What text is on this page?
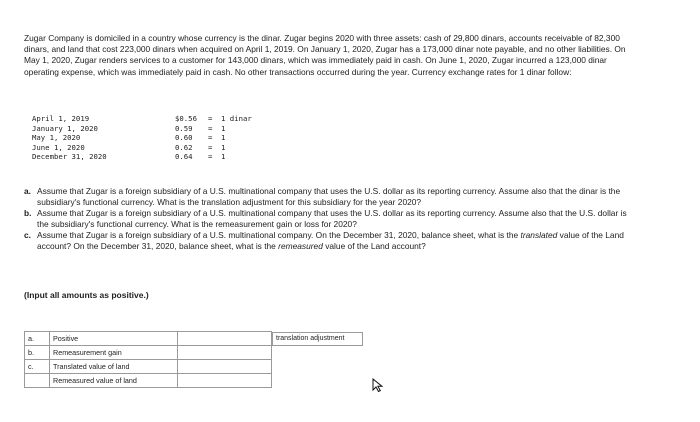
Zugar Company is domiciled in a country whose currency is the dinar. Zugar begins 2020 with three assets: cash of 29,800 dinars, accounts receivable of 82,300 dinars, and land that cost 223,000 dinars when acquired on April 1, 2019. On January 1, 2020, Zugar has a 173,000 dinar note payable, and no other liabilities. On May 1, 2020, Zugar renders services to a customer for 143,000 dinars, which was immediately paid in cash. On June 1, 2020, Zugar incurred a 123,000 dinar operating expense, which was immediately paid in cash. No other transactions occurred during the year. Currency exchange rates for 1 dinar follow:
April 1, 2019	$0.56 = 1 dinar
January 1, 2020	0.59 = 1
May 1, 2020	0.60 = 1
June 1, 2020	0.62 = 1
December 31, 2020	0.64 = 1
a. Assume that Zugar is a foreign subsidiary of a U.S. multinational company that uses the U.S. dollar as its reporting currency. Assume also that the dinar is the subsidiary's functional currency. What is the translation adjustment for this subsidiary for the year 2020?
b. Assume that Zugar is a foreign subsidiary of a U.S. multinational company that uses the U.S. dollar as its reporting currency. Assume also that the U.S. dollar is the subsidiary's functional currency. What is the remeasurement gain or loss for 2020?
c. Assume that Zugar is a foreign subsidiary of a U.S. multinational company. On the December 31, 2020, balance sheet, what is the translated value of the Land account? On the December 31, 2020, balance sheet, what is the remeasured value of the Land account?
(Input all amounts as positive.)
a.	Positive		translation adjustment

b.	Remeasurement gain	
c.	Translated value of land	
	Remeasured value of land	
